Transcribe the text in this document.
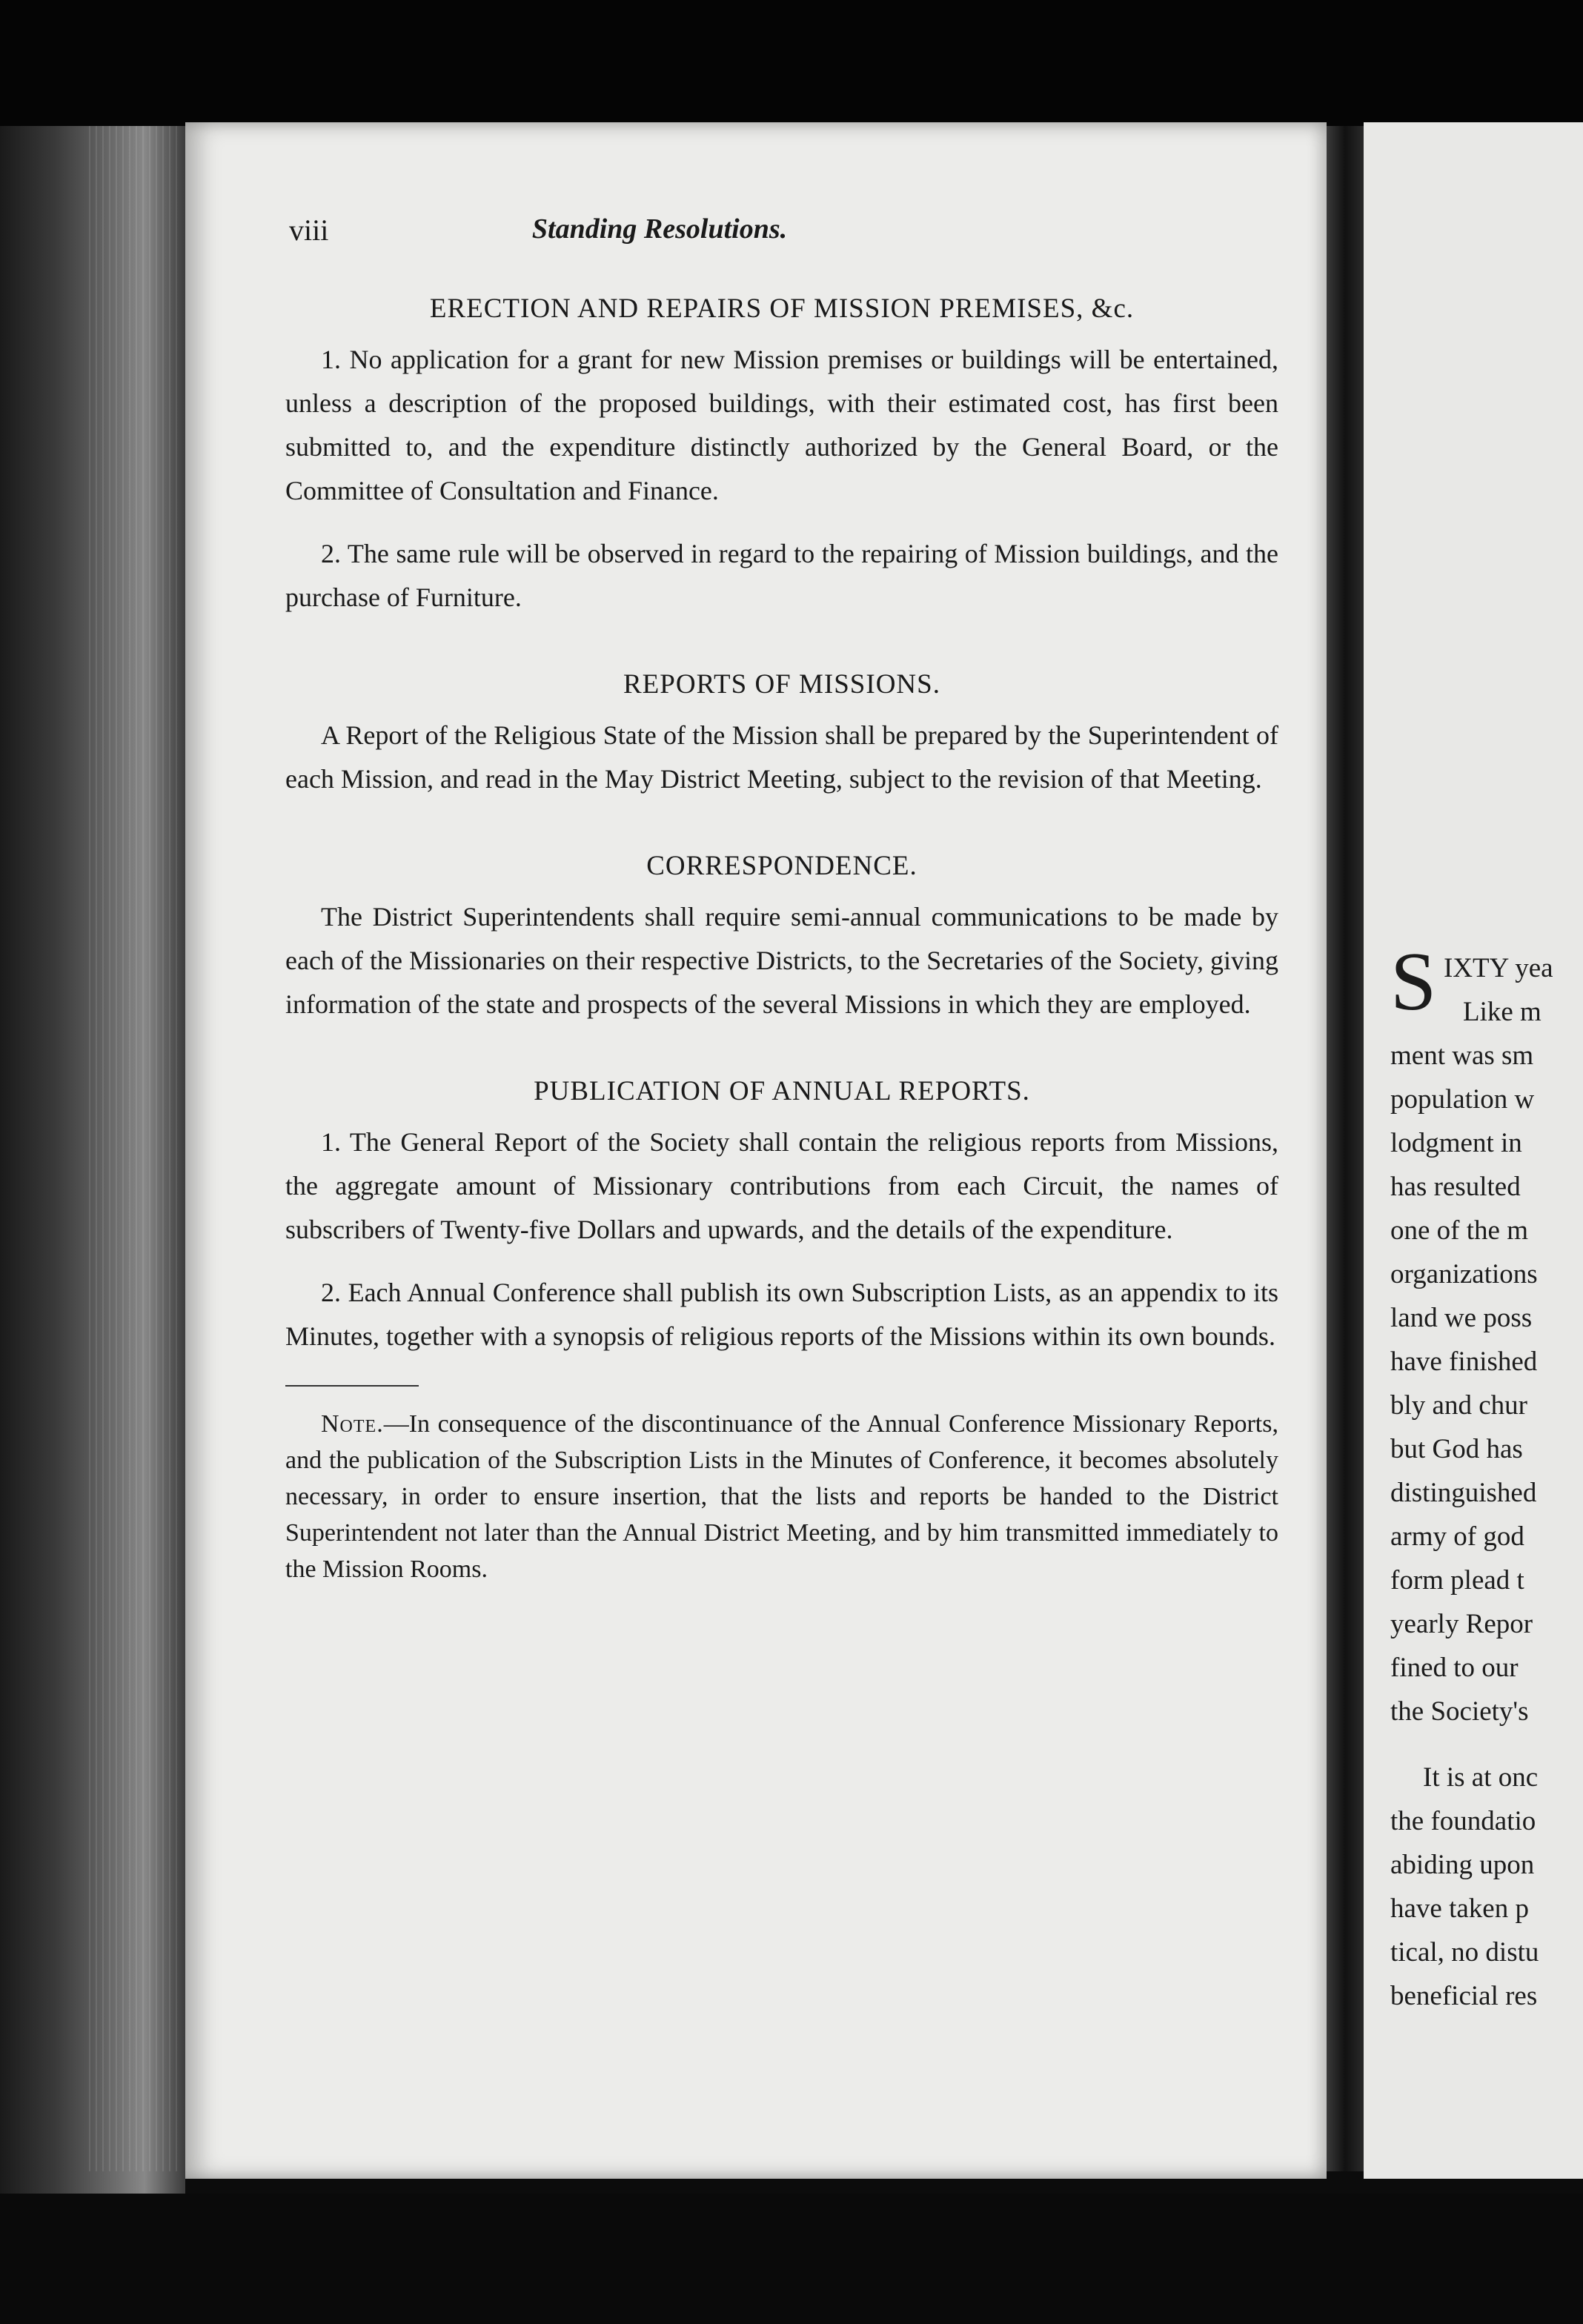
viii	Standing Resolutions.
ERECTION AND REPAIRS OF MISSION PREMISES, &c.

1. No application for a grant for new Mission premises or buildings will be entertained, unless a description of the proposed buildings, with their estimated cost, has first been submitted to, and the expenditure distinctly authorized by the General Board, or the Committee of Consultation and Finance.

2. The same rule will be observed in regard to the repairing of Mission buildings, and the purchase of Furniture.

REPORTS OF MISSIONS.

A Report of the Religious State of the Mission shall be prepared by the Superintendent of each Mission, and read in the May District Meeting, subject to the revision of that Meeting.

CORRESPONDENCE.

The District Superintendents shall require semi-annual communications to be made by each of the Missionaries on their respective Districts, to the Secretaries of the Society, giving information of the state and prospects of the several Missions in which they are employed.

PUBLICATION OF ANNUAL REPORTS.

1. The General Report of the Society shall contain the religious reports from Missions, the aggregate amount of Missionary contributions from each Circuit, the names of subscribers of Twenty-five Dollars and upwards, and the details of the expenditure.

2. Each Annual Conference shall publish its own Subscription Lists, as an appendix to its Minutes, together with a synopsis of religious reports of the Missions within its own bounds.

Note.—In consequence of the discontinuance of the Annual Conference Missionary Reports, and the publication of the Subscription Lists in the Minutes of Conference, it becomes absolutely necessary, in order to ensure insertion, that the lists and reports be handed to the District Superintendent not later than the Annual District Meeting, and by him transmitted immediately to the Mission Rooms.

S IXTY yea
Like m
ment was sm
population w
lodgment in
has resulted
one of the m
organizations
land we poss
have finished
bly and chur
but God has
distinguished
army of god
form plead t
yearly Repor
fined to our
the Society's
It is at onc
the foundatio
abiding upon
have taken p
tical, no distu
beneficial res
